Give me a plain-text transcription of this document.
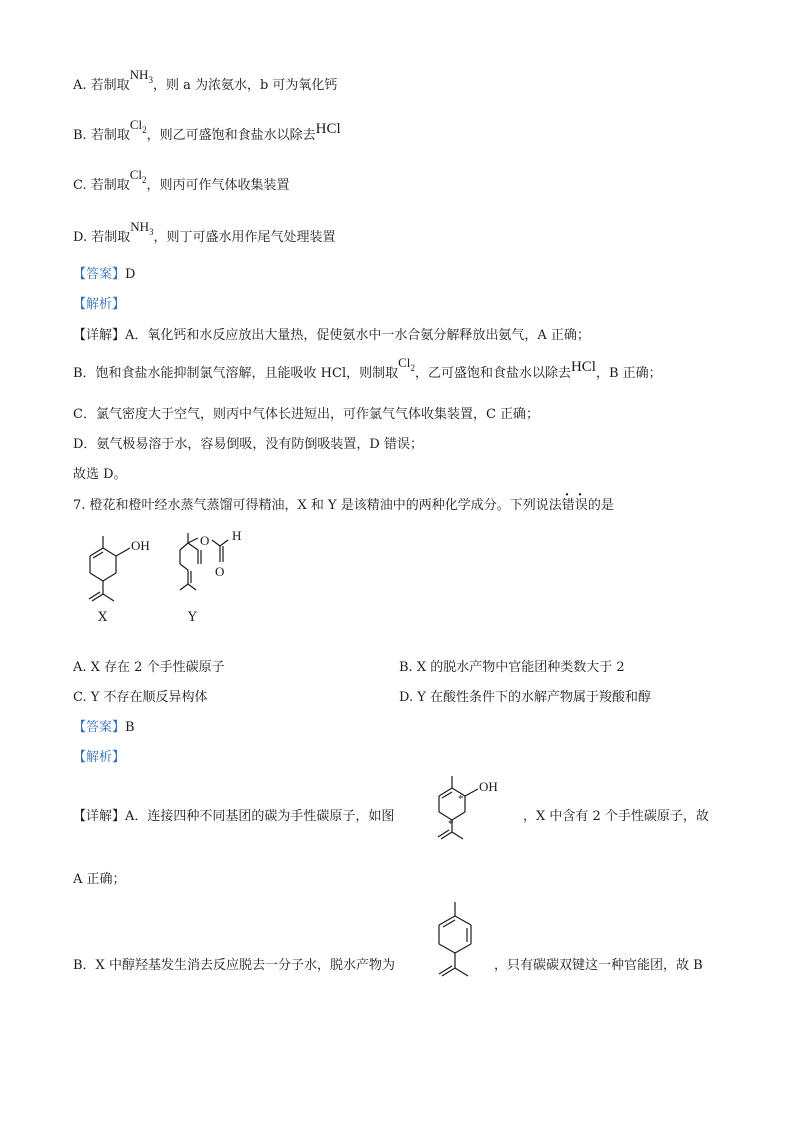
A. 若制取$NH_3$，则 a 为浓氨水，b 可为氧化钙
B. 若制取$Cl_2$，则乙可盛饱和食盐水以除去HCl
C. 若制取$Cl_2$，则丙可作气体收集装置
D. 若制取$NH_3$，则丁可盛水用作尾气处理装置
【答案】D
【解析】
【详解】A．氧化钙和水反应放出大量热，促使氨水中一水合氨分解释放出氨气，A 正确；
B．饱和食盐水能抑制氯气溶解，且能吸收 HCl，则制取$Cl_2$，乙可盛饱和食盐水以除去HCl，B 正确；
C．氯气密度大于空气，则丙中气体长进短出，可作氯气气体收集装置，C 正确；
D．氨气极易溶于水，容易倒吸，没有防倒吸装置，D 错误；
故选 D。
7. 橙花和橙叶经水蒸气蒸馏可得精油，X 和 Y 是该精油中的两种化学成分。下列说法错误的是
OH
X
O H
O
Y
A. X 存在 2 个手性碳原子	B. X 的脱水产物中官能团种类数大于 2
C. Y 不存在顺反异构体	D. Y 在酸性条件下的水解产物属于羧酸和醇
【答案】B
【解析】
【详解】A．连接四种不同基团的碳为手性碳原子，如图
OH
*
*	，X 中含有 2 个手性碳原子，故
A 正确；
B．X 中醇羟基发生消去反应脱去一分子水，脱水产物为	，只有碳碳双键这一种官能团，故 B
